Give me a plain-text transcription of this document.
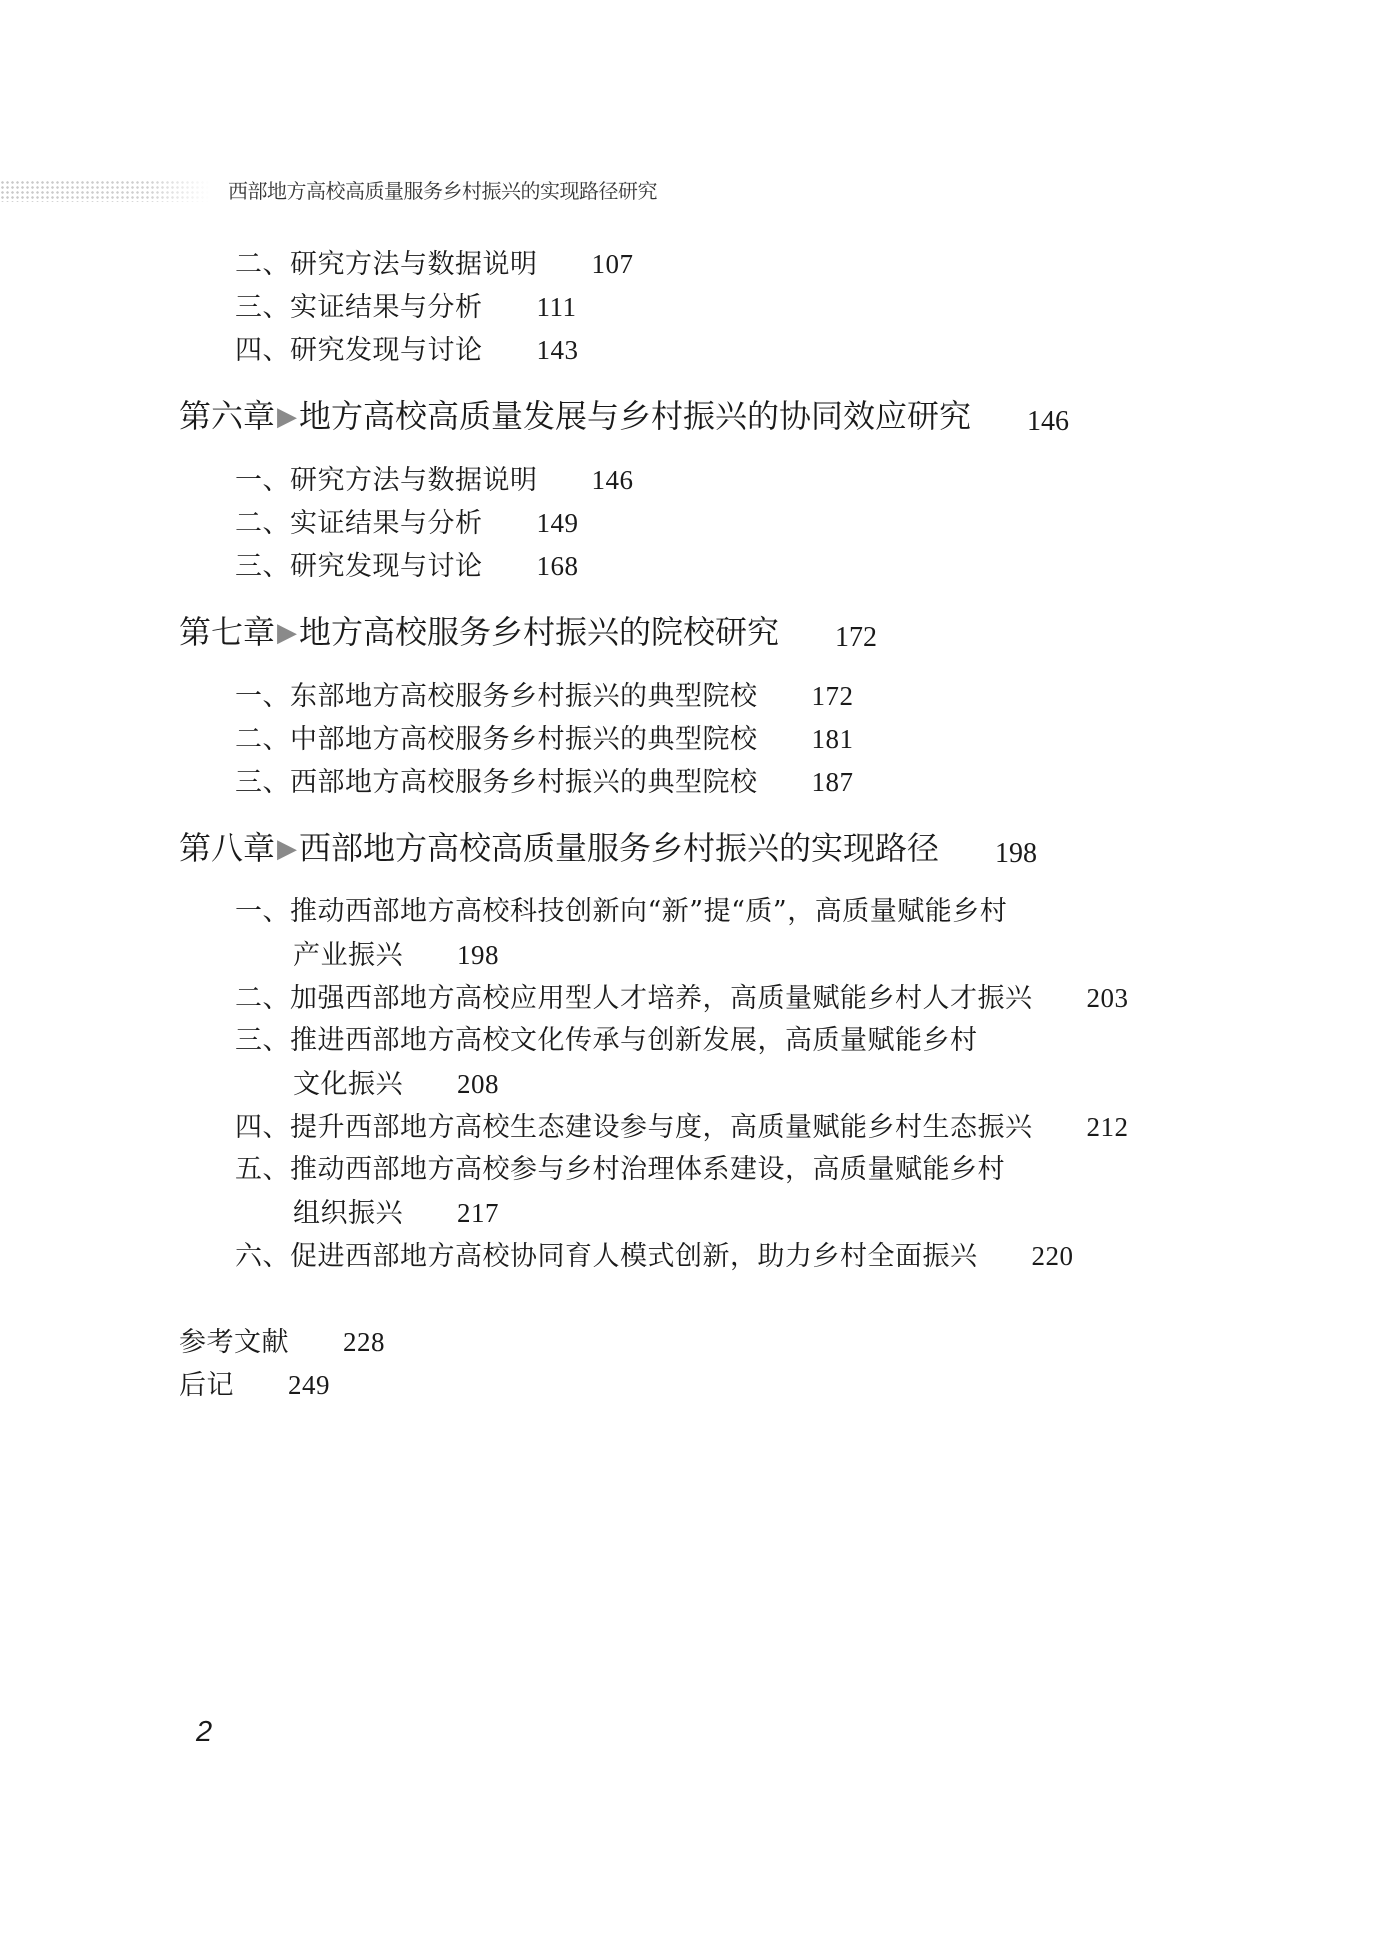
西部地方高校高质量服务乡村振兴的实现路径研究
二、研究方法与数据说明 107
三、实证结果与分析 111
四、研究发现与讨论 143
第六章▶地方高校高质量发展与乡村振兴的协同效应研究 146
一、研究方法与数据说明 146
二、实证结果与分析 149
三、研究发现与讨论 168
第七章▶地方高校服务乡村振兴的院校研究 172
一、东部地方高校服务乡村振兴的典型院校 172
二、中部地方高校服务乡村振兴的典型院校 181
三、西部地方高校服务乡村振兴的典型院校 187
第八章▶西部地方高校高质量服务乡村振兴的实现路径 198
一、推动西部地方高校科技创新向“新”提“质”，高质量赋能乡村
产业振兴 198
二、加强西部地方高校应用型人才培养，高质量赋能乡村人才振兴 203
三、推进西部地方高校文化传承与创新发展，高质量赋能乡村
文化振兴 208
四、提升西部地方高校生态建设参与度，高质量赋能乡村生态振兴 212
五、推动西部地方高校参与乡村治理体系建设，高质量赋能乡村
组织振兴 217
六、促进西部地方高校协同育人模式创新，助力乡村全面振兴 220
参考文献 228
后记 249
2
